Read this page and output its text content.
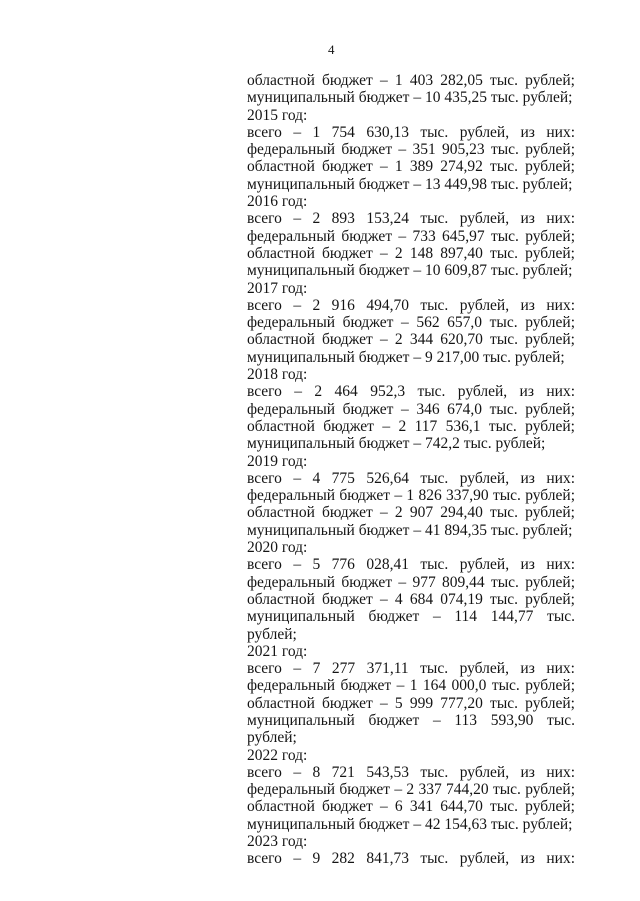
4
областной бюджет – 1 403 282,05 тыс. рублей;
муниципальный бюджет – 10 435,25 тыс. рублей;
2015 год:
всего – 1 754 630,13 тыс. рублей, из них:
федеральный бюджет – 351 905,23 тыс. рублей;
областной бюджет – 1 389 274,92 тыс. рублей;
муниципальный бюджет – 13 449,98 тыс. рублей;
2016 год:
всего – 2 893 153,24 тыс. рублей, из них:
федеральный бюджет – 733 645,97 тыс. рублей;
областной бюджет – 2 148 897,40 тыс. рублей;
муниципальный бюджет – 10 609,87 тыс. рублей;
2017 год:
всего – 2 916 494,70 тыс. рублей, из них:
федеральный бюджет – 562 657,0 тыс. рублей;
областной бюджет – 2 344 620,70 тыс. рублей;
муниципальный бюджет – 9 217,00 тыс. рублей;
2018 год:
всего – 2 464 952,3 тыс. рублей, из них:
федеральный бюджет – 346 674,0 тыс. рублей;
областной бюджет – 2 117 536,1 тыс. рублей;
муниципальный бюджет – 742,2 тыс. рублей;
2019 год:
всего – 4 775 526,64 тыс. рублей, из них:
федеральный бюджет – 1 826 337,90 тыс. рублей;
областной бюджет – 2 907 294,40 тыс. рублей;
муниципальный бюджет – 41 894,35 тыс. рублей;
2020 год:
всего – 5 776 028,41 тыс. рублей, из них:
федеральный бюджет – 977 809,44 тыс. рублей;
областной бюджет – 4 684 074,19 тыс. рублей;
муниципальный бюджет – 114 144,77 тыс. рублей;
2021 год:
всего – 7 277 371,11 тыс. рублей, из них:
федеральный бюджет – 1 164 000,0 тыс. рублей;
областной бюджет – 5 999 777,20 тыс. рублей;
муниципальный бюджет – 113 593,90 тыс. рублей;
2022 год:
всего – 8 721 543,53 тыс. рублей, из них:
федеральный бюджет – 2 337 744,20 тыс. рублей;
областной бюджет – 6 341 644,70 тыс. рублей;
муниципальный бюджет – 42 154,63 тыс. рублей;
2023 год:
всего – 9 282 841,73 тыс. рублей, из них:
